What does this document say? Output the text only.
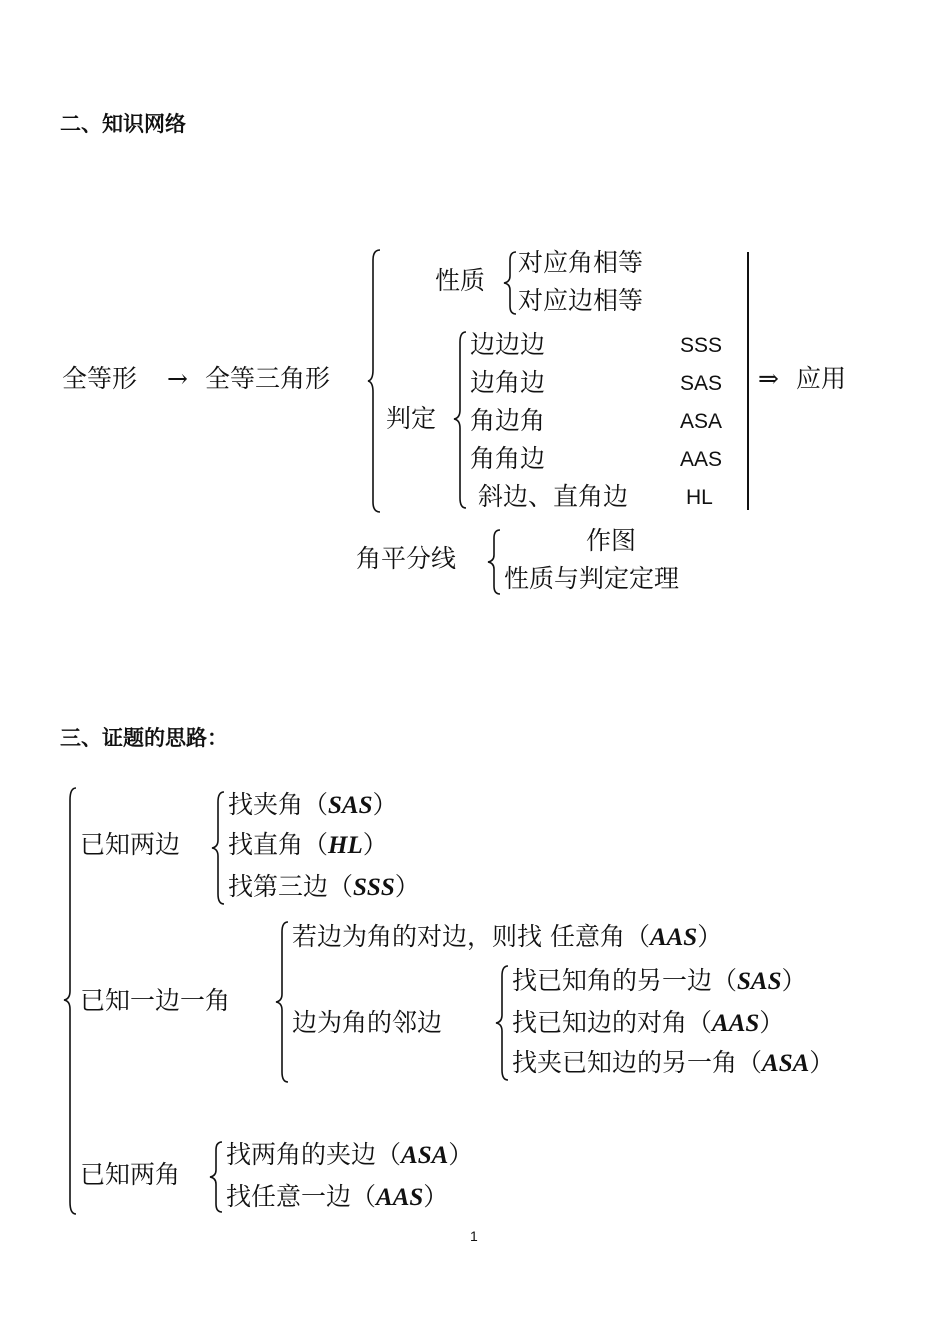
二、知识网络
全等形 → 全等三角形
性质
对应角相等
对应边相等
判定
边边边	SSS
边角边	SAS
角边角	ASA
角角边	AAS
斜边、直角边	HL
⇒ 应用
角平分线
作图
性质与判定定理
三、证题的思路：
已知两边
找夹角（SAS）
找直角（HL）
找第三边（SSS）
已知一边一角
若边为角的对边，则找 任意角（AAS）
边为角的邻边
找已知角的另一边（SAS）
找已知边的对角（AAS）
找夹已知边的另一角（ASA）
已知两角
找两角的夹边（ASA）
找任意一边（AAS）
1
